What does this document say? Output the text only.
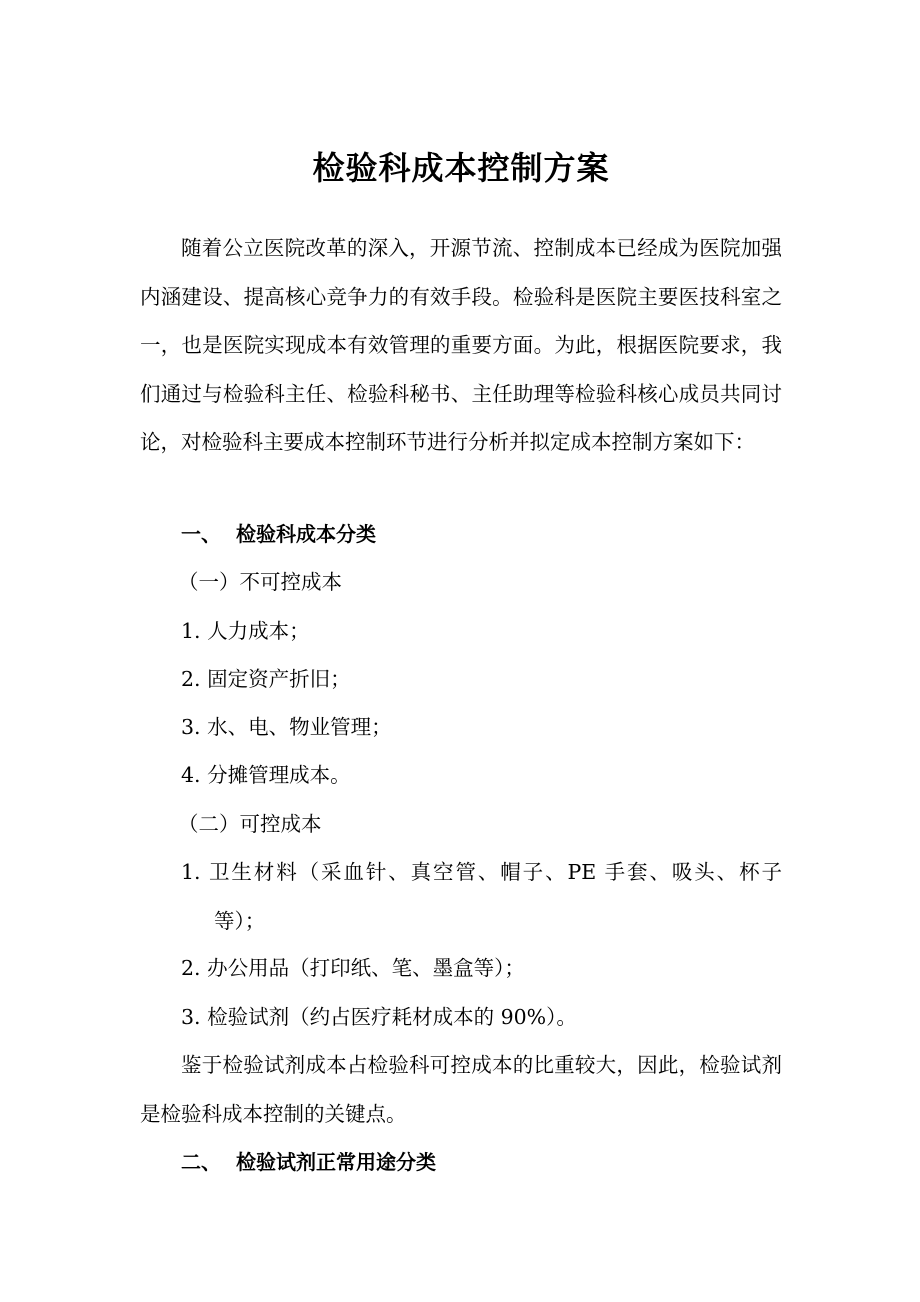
检验科成本控制方案

随着公立医院改革的深入，开源节流、控制成本已经成为医院加强内涵建设、提高核心竞争力的有效手段。检验科是医院主要医技科室之一，也是医院实现成本有效管理的重要方面。为此，根据医院要求，我们通过与检验科主任、检验科秘书、主任助理等检验科核心成员共同讨论，对检验科主要成本控制环节进行分析并拟定成本控制方案如下：

一、 检验科成本分类
（一）不可控成本
1. 人力成本；
2. 固定资产折旧；
3. 水、电、物业管理；
4. 分摊管理成本。
（二）可控成本

1. 卫生材料（采血针、真空管、帽子、PE 手套、吸头、杯子等）；

2. 办公用品（打印纸、笔、墨盒等）；
3. 检验试剂（约占医疗耗材成本的 90%）。

鉴于检验试剂成本占检验科可控成本的比重较大，因此，检验试剂是检验科成本控制的关键点。

二、 检验试剂正常用途分类
